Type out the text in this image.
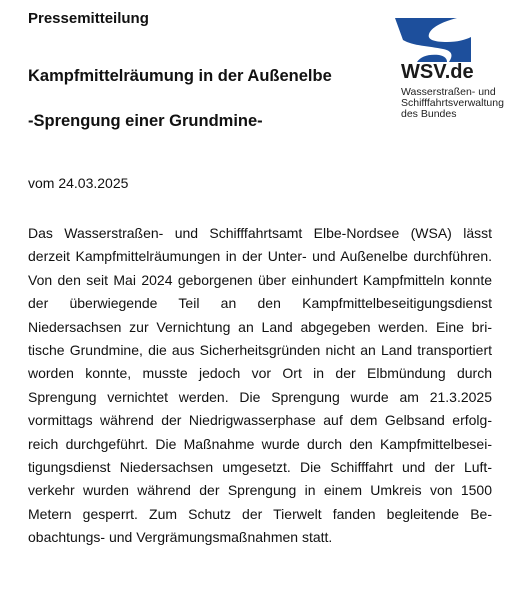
Pressemitteilung
WSV.de
Wasserstraßen- und
Schifffahrtsverwaltung
des Bundes
Kampfmittelräumung in der Außenelbe
-Sprengung einer Grundmine-

vom 24.03.2025

Das Wasserstraßen- und Schifffahrtsamt Elbe-Nordsee (WSA) lässt derzeit Kampfmittelräumungen in der Unter- und Außenelbe durchführen. Von den seit Mai 2024 geborgenen über einhundert Kampfmitteln konnte der überwiegende Teil an den Kampfmittelbeseitigungsdienst Niedersachsen zur Vernichtung an Land abgegeben werden. Eine britische Grundmine, die aus Sicherheitsgründen nicht an Land transportiert worden konnte, musste jedoch vor Ort in der Elbmündung durch Sprengung vernichtet werden. Die Sprengung wurde am 21.3.2025 vormittags während der Niedrigwasserphase auf dem Gelbsand erfolgreich durchgeführt. Die Maßnahme wurde durch den Kampfmittelbeseitigungsdienst Niedersachsen umgesetzt. Die Schifffahrt und der Luftverkehr wurden während der Sprengung in einem Umkreis von 1500 Metern gesperrt. Zum Schutz der Tierwelt fanden begleitende Beobachtungs- und Vergrämungsmaßnahmen statt.
